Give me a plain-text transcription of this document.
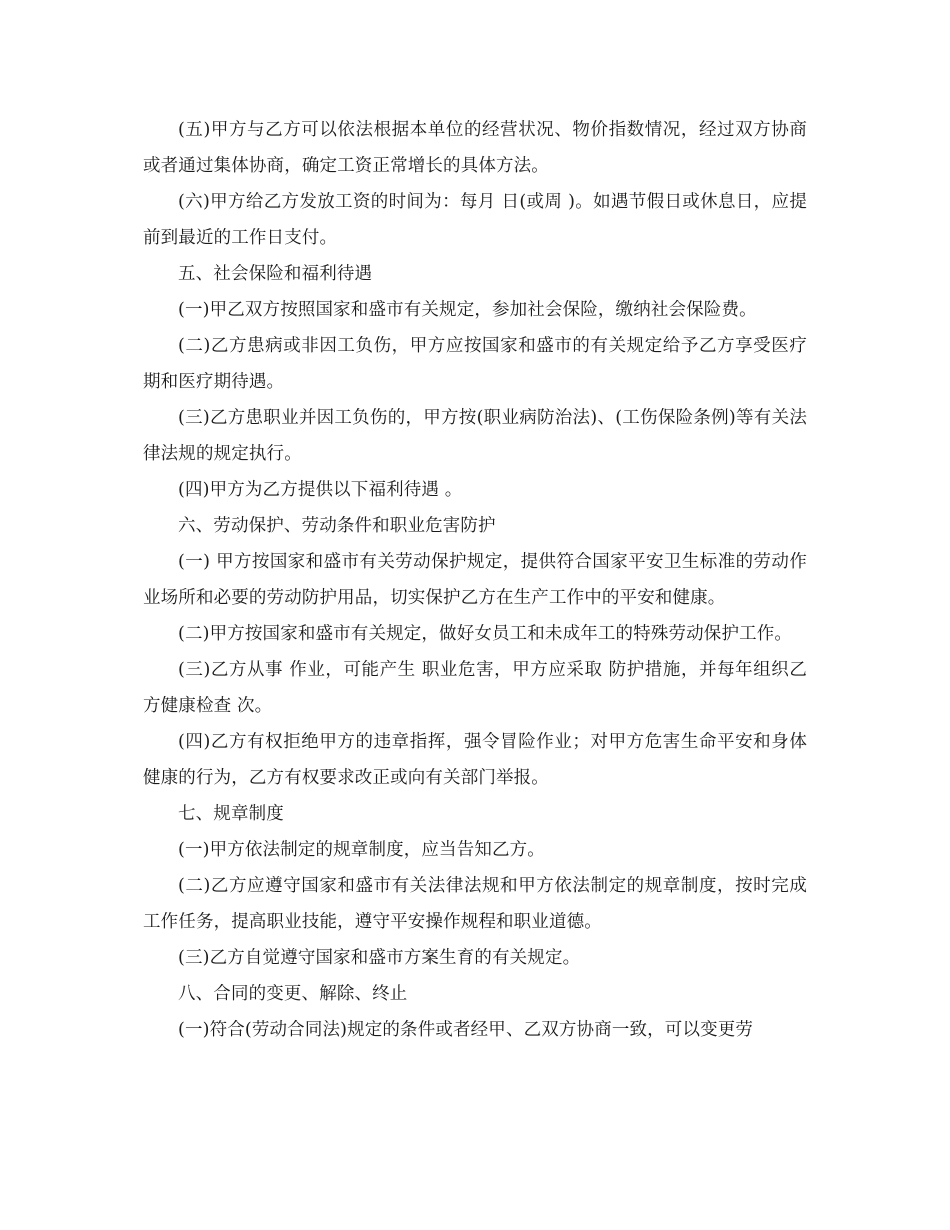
(五)甲方与乙方可以依法根据本单位的经营状况、物价指数情况，经过双方协商或者通过集体协商，确定工资正常增长的具体方法。

(六)甲方给乙方发放工资的时间为：每月 日(或周 )。如遇节假日或休息日，应提前到最近的工作日支付。

五、社会保险和福利待遇

(一)甲乙双方按照国家和盛市有关规定，参加社会保险，缴纳社会保险费。

(二)乙方患病或非因工负伤，甲方应按国家和盛市的有关规定给予乙方享受医疗期和医疗期待遇。

(三)乙方患职业并因工负伤的，甲方按(职业病防治法)、(工伤保险条例)等有关法律法规的规定执行。

(四)甲方为乙方提供以下福利待遇 。

六、劳动保护、劳动条件和职业危害防护

(一) 甲方按国家和盛市有关劳动保护规定，提供符合国家平安卫生标准的劳动作业场所和必要的劳动防护用品，切实保护乙方在生产工作中的平安和健康。

(二)甲方按国家和盛市有关规定，做好女员工和未成年工的特殊劳动保护工作。

(三)乙方从事 作业，可能产生 职业危害，甲方应采取 防护措施，并每年组织乙方健康检查 次。

(四)乙方有权拒绝甲方的违章指挥，强令冒险作业；对甲方危害生命平安和身体健康的行为，乙方有权要求改正或向有关部门举报。

七、规章制度

(一)甲方依法制定的规章制度，应当告知乙方。

(二)乙方应遵守国家和盛市有关法律法规和甲方依法制定的规章制度，按时完成工作任务，提高职业技能，遵守平安操作规程和职业道德。

(三)乙方自觉遵守国家和盛市方案生育的有关规定。

八、合同的变更、解除、终止

(一)符合(劳动合同法)规定的条件或者经甲、乙双方协商一致，可以变更劳
